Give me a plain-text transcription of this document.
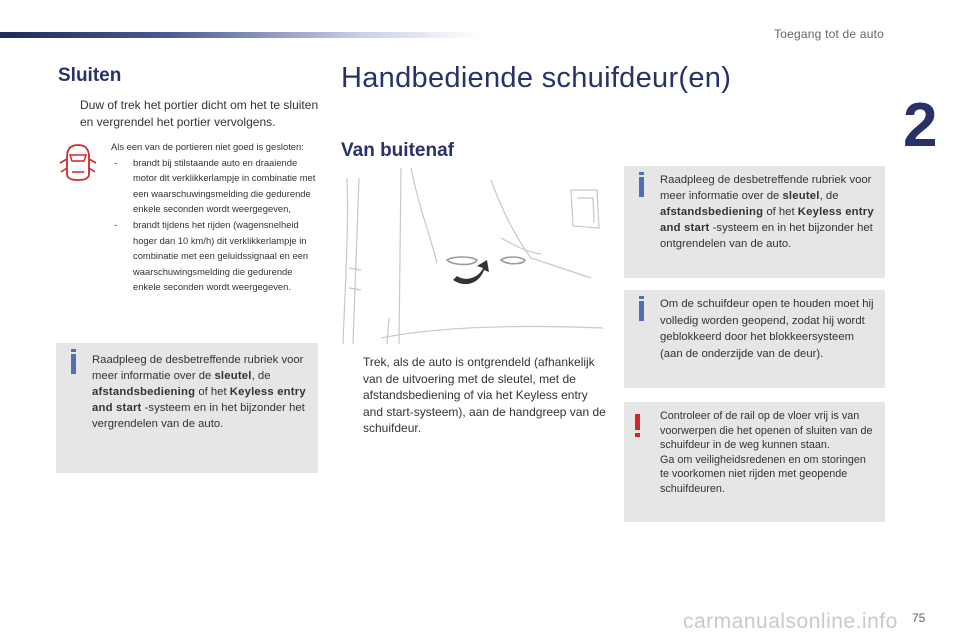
Toegang tot de auto
2
Sluiten
Duw of trek het portier dicht om het te sluiten en vergrendel het portier vervolgens.
Als een van de portieren niet goed is gesloten:
- brandt bij stilstaande auto en draaiende motor dit verklikkerlampje in combinatie met een waarschuwingsmelding die gedurende enkele seconden wordt weergegeven,
- brandt tijdens het rijden (wagensnelheid hoger dan 10 km/h) dit verklikkerlampje in combinatie met een geluidssignaal en een waarschuwingsmelding die gedurende enkele seconden wordt weergegeven.
Raadpleeg de desbetreffende rubriek voor meer informatie over de sleutel, de afstandsbediening of het Keyless entry and start -systeem en in het bijzonder het vergrendelen van de auto.
Handbediende schuifdeur(en)
Van buitenaf
Trek, als de auto is ontgrendeld (afhankelijk van de uitvoering met de sleutel, met de afstandsbediening of via het Keyless entry and start-systeem), aan de handgreep van de schuifdeur.
Raadpleeg de desbetreffende rubriek voor meer informatie over de sleutel, de afstandsbediening of het Keyless entry and start -systeem en in het bijzonder het ontgrendelen van de auto.
Om de schuifdeur open te houden moet hij volledig worden geopend, zodat hij wordt geblokkeerd door het blokkeersysteem (aan de onderzijde van de deur).
Controleer of de rail op de vloer vrij is van voorwerpen die het openen of sluiten van de schuifdeur in de weg kunnen staan.
Ga om veiligheidsredenen en om storingen te voorkomen niet rijden met geopende schuifdeuren.
carmanualsonline.info 75
